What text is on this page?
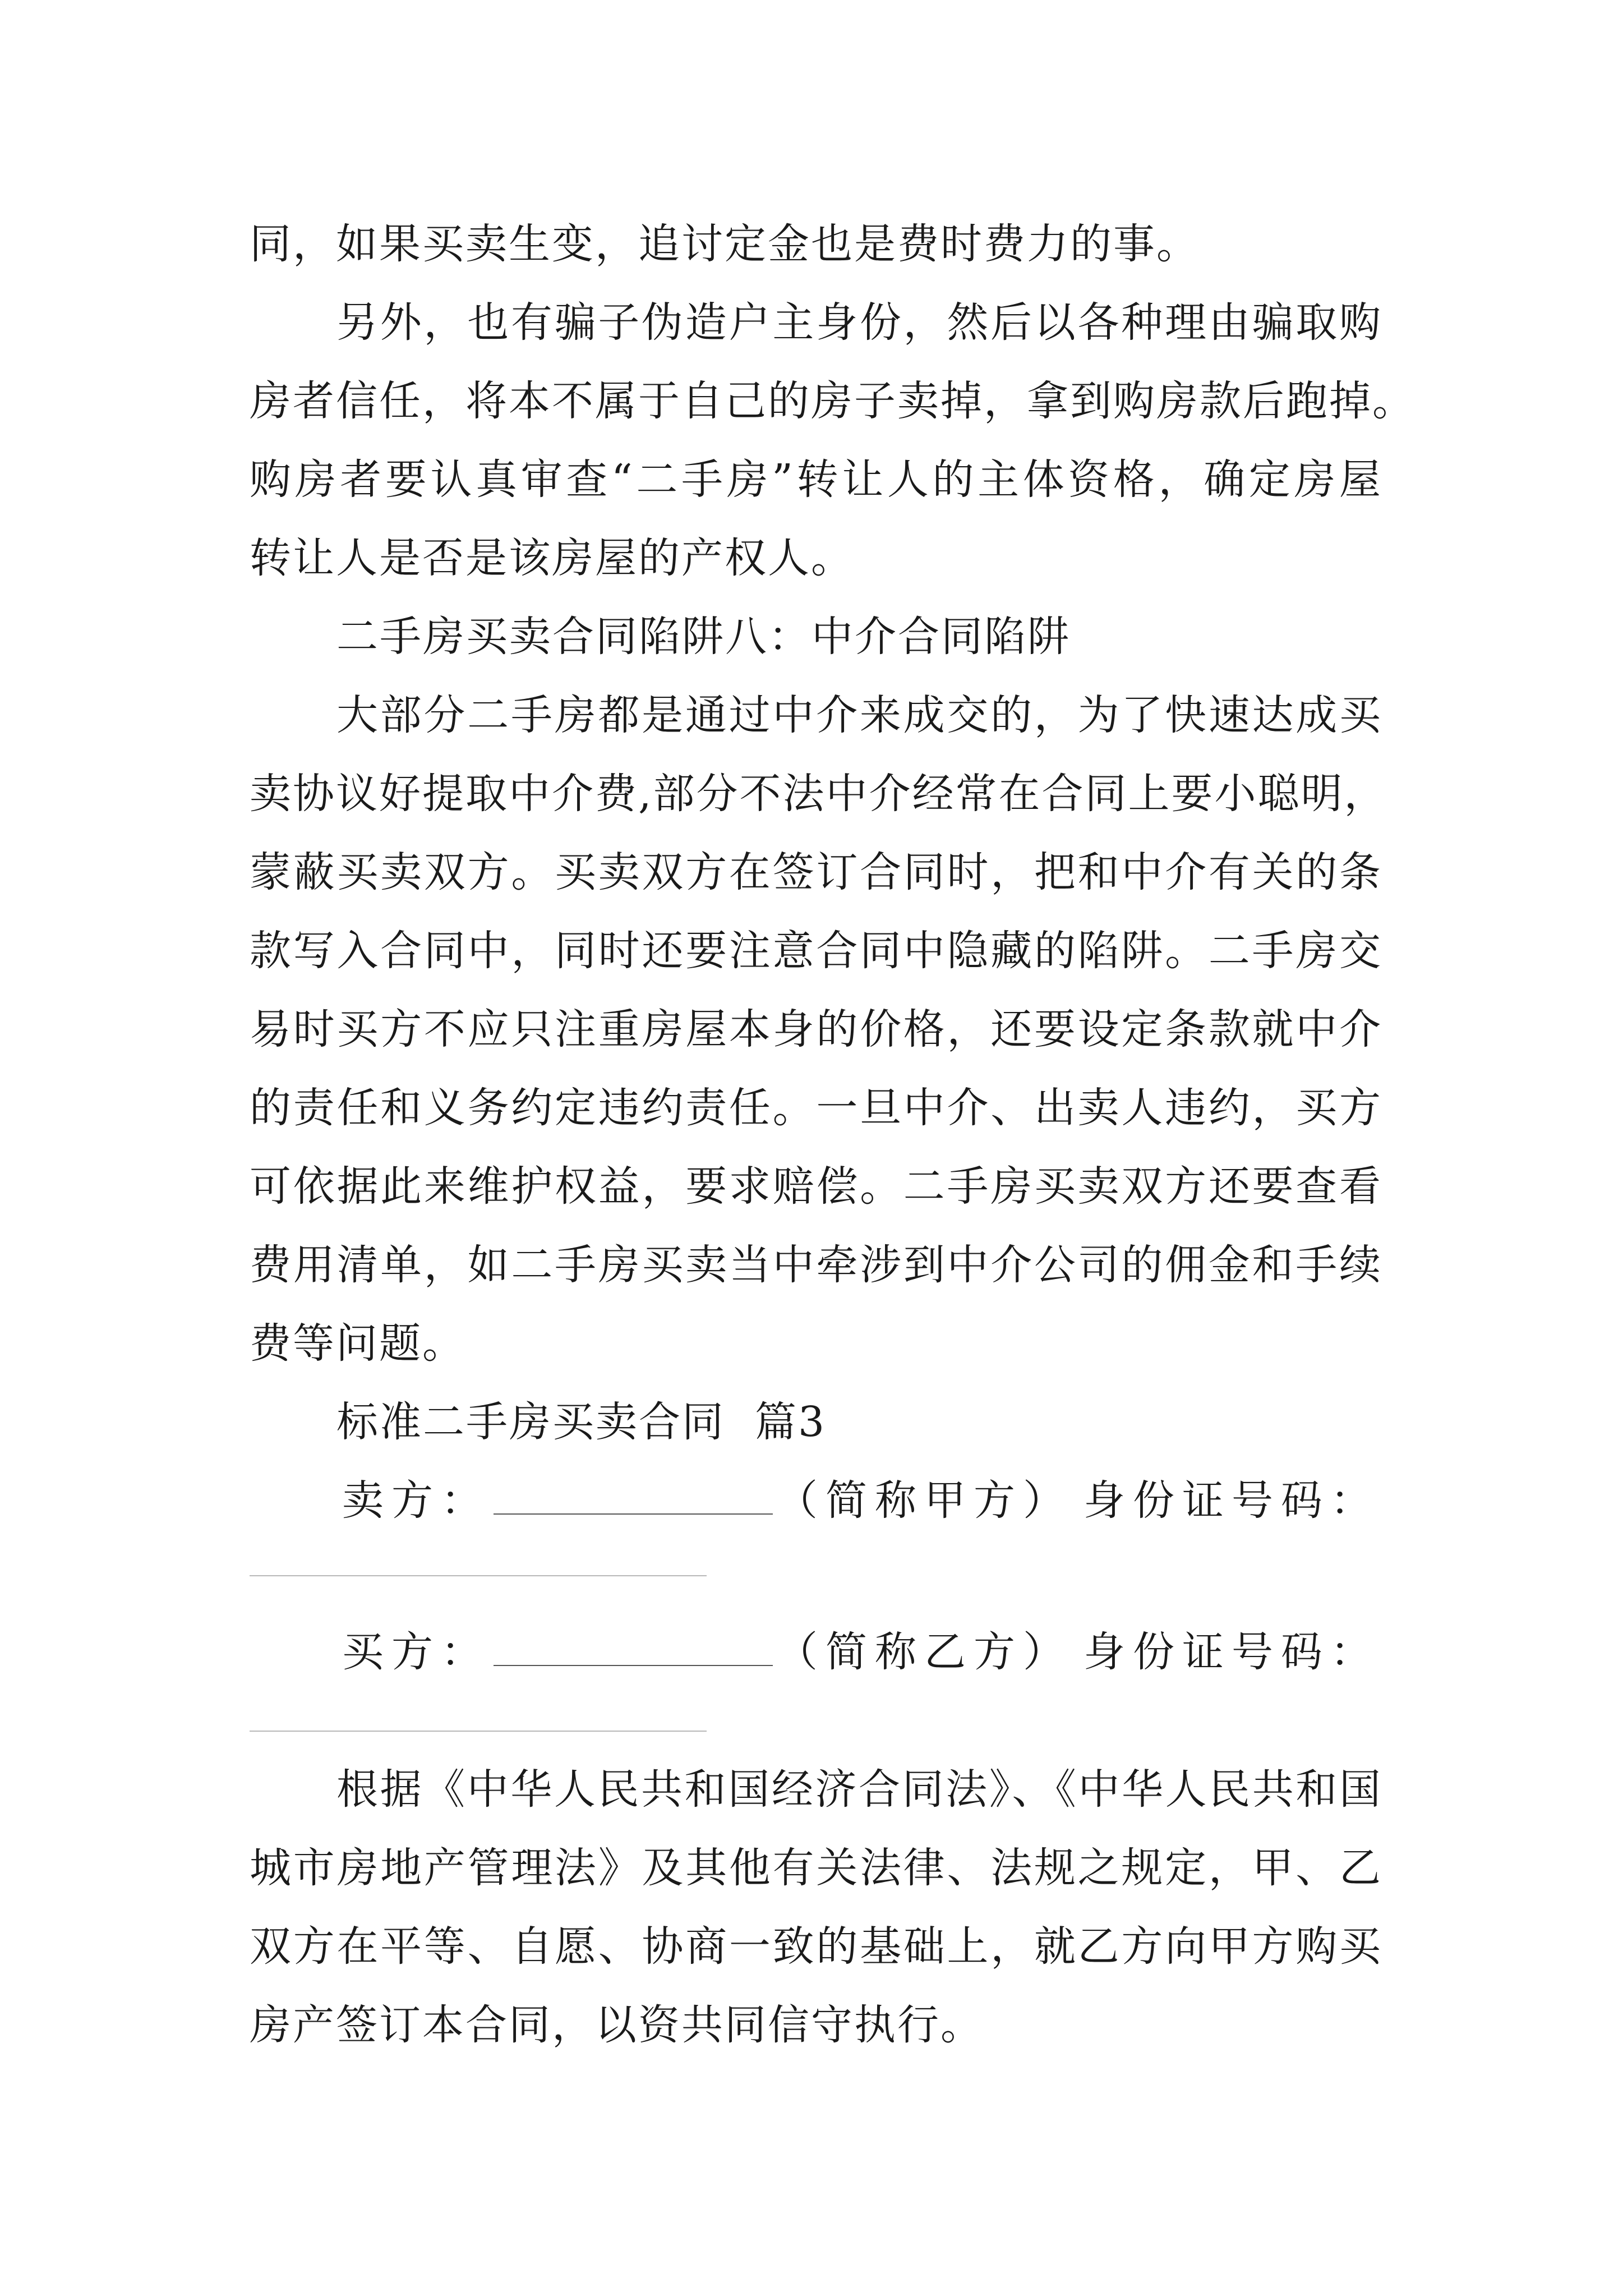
同，如果买卖生变，追讨定金也是费时费力的事。
另外，也有骗子伪造户主身份，然后以各种理由骗取购
房者信任，将本不属于自己的房子卖掉，拿到购房款后跑掉。
购房者要认真审查“二手房”转让人的主体资格，确定房屋
转让人是否是该房屋的产权人。
二手房买卖合同陷阱八：中介合同陷阱
大部分二手房都是通过中介来成交的，为了快速达成买
卖协议好提取中介费,部分不法中介经常在合同上要小聪明，
蒙蔽买卖双方。买卖双方在签订合同时，把和中介有关的条
款写入合同中，同时还要注意合同中隐藏的陷阱。二手房交
易时买方不应只注重房屋本身的价格，还要设定条款就中介
的责任和义务约定违约责任。一旦中介、出卖人违约，买方
可依据此来维护权益，要求赔偿。二手房买卖双方还要查看
费用清单，如二手房买卖当中牵涉到中介公司的佣金和手续
费等问题。
标准二手房买卖合同  篇3
卖方：	（简称甲方） 身份证号码：
买方：	（简称乙方） 身份证号码：
根据《中华人民共和国经济合同法》、《中华人民共和国
城市房地产管理法》及其他有关法律、法规之规定，甲、乙
双方在平等、自愿、协商一致的基础上，就乙方向甲方购买
房产签订本合同，以资共同信守执行。
